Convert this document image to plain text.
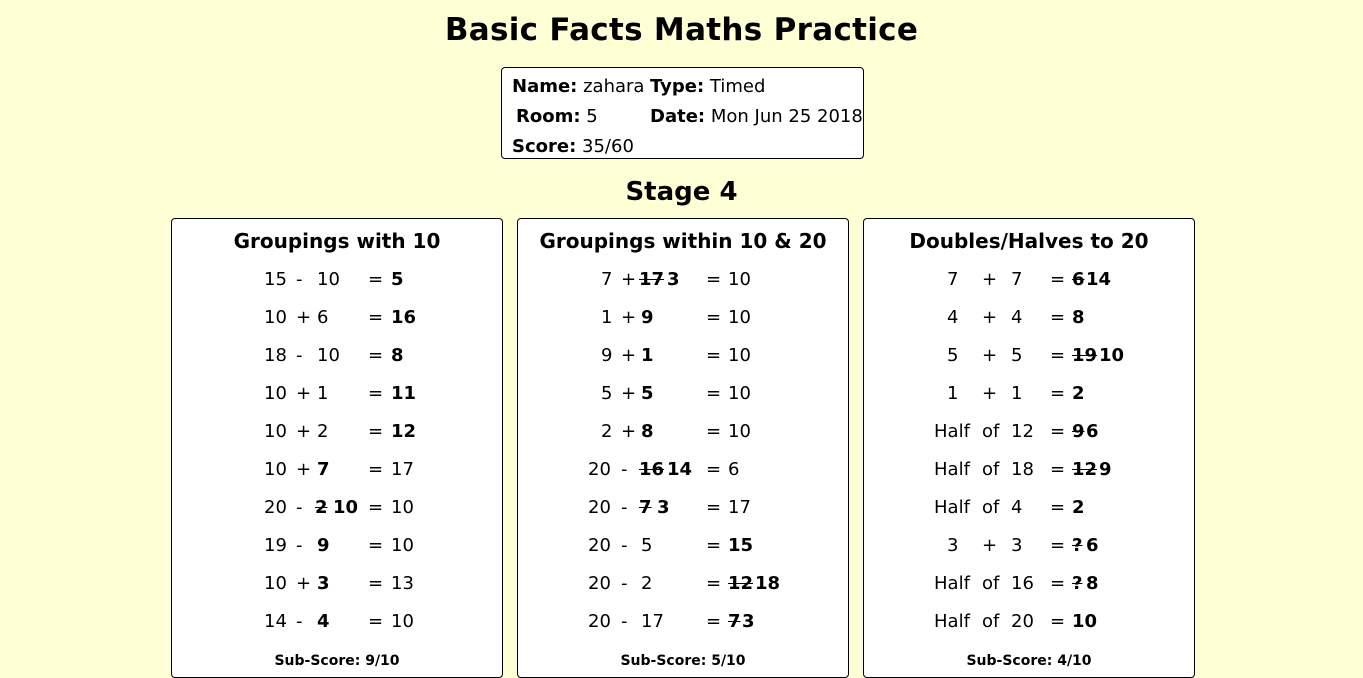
Basic Facts Maths Practice
Name: zahara Type: Timed
Room: 5	Date: Mon Jun 25 2018
Score: 35/60
Stage 4
Groupings with 10
15 - 10 = 5
10 + 6 = 16
18 - 10 = 8
10 + 1 = 11
10 + 2 = 12
10 + 7 = 17
20 - 2 10 = 10
19 - 9 = 10
10 + 3 = 13
14 - 4 = 10
Sub-Score: 9/10
Groupings within 10 & 20
7 + 17 3 = 10
1 + 9	= 10
9 + 1	= 10
5 + 5	= 10
2 + 8	= 10
20 - 16 14 = 6
20 - 7 3 = 17
20 - 5	= 15
20 - 2	= 12 18
20 - 17 = 7 3
Sub-Score: 5/10
Doubles/Halves to 20
7 + 7 = 6 14
4 + 4 = 8
5 + 5 = 19 10
1 + 1 = 2
Half of 12 = 9 6
Half of 18 = 12 9
Half of 4 = 2
3 + 3 = ? 6
Half of 16 = ? 8
Half of 20 = 10
Sub-Score: 4/10
